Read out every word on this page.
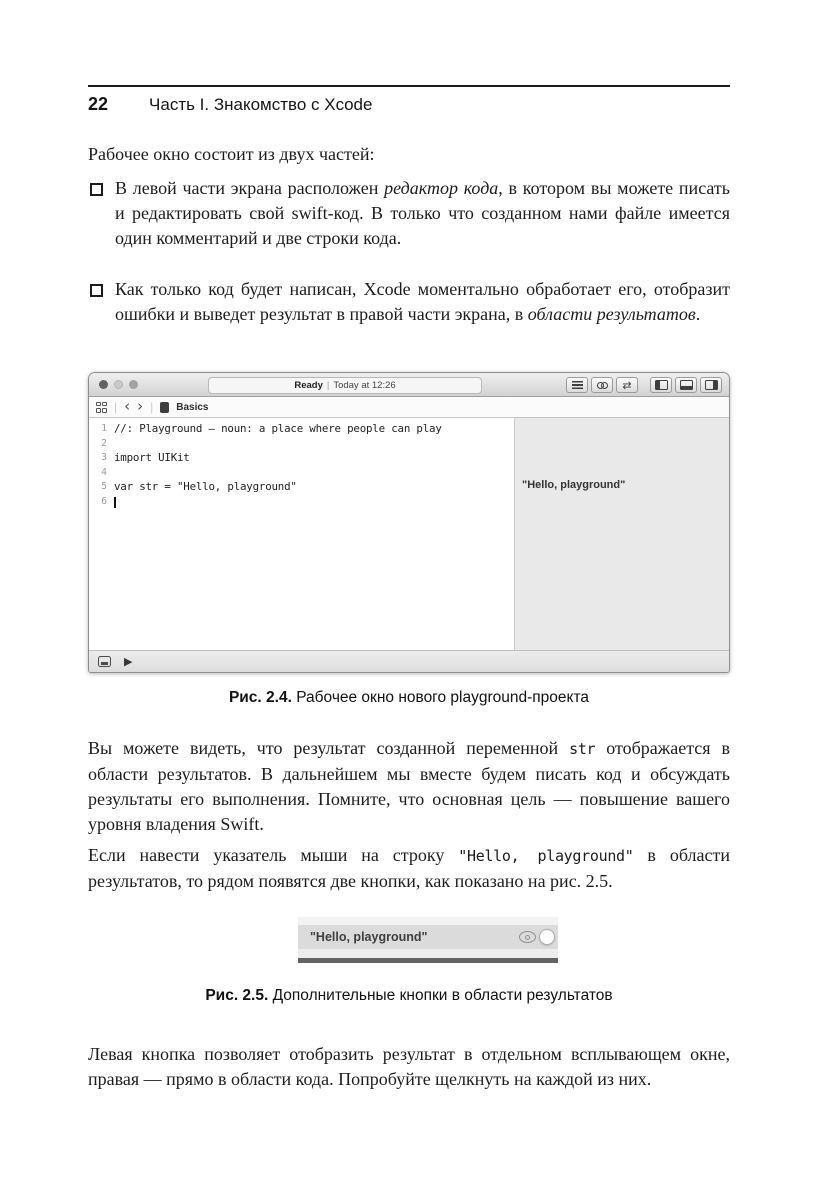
22 Часть I. Знакомство с Xcode

Рабочее окно состоит из двух частей:

В левой части экрана расположен редактор кода, в котором вы можете писать и редактировать свой swift-код. В только что созданном нами файле имеется один комментарий и две строки кода.
Как только код будет написан, Xcode моментально обработает его, отобразит ошибки и выведет результат в правой части экрана, в области результатов.
Ready | Today at 12:26	⇄
| ‹ › | Basics
1 //: Playground — noun: a place where people can play
2
3 import UIKit
4
5 var str = "Hello, playground"
6
"Hello, playground"
▶
Рис. 2.4. Рабочее окно нового playground-проекта

Вы можете видеть, что результат созданной переменной str отображается в области результатов. В дальнейшем мы вместе будем писать код и обсуждать результаты его выполнения. Помните, что основная цель — повышение вашего уровня владения Swift.

Если навести указатель мыши на строку "Hello, playground" в области результатов, то рядом появятся две кнопки, как показано на рис. 2.5.

"Hello, playground"
Рис. 2.5. Дополнительные кнопки в области результатов

Левая кнопка позволяет отобразить результат в отдельном всплывающем окне, правая — прямо в области кода. Попробуйте щелкнуть на каждой из них.
